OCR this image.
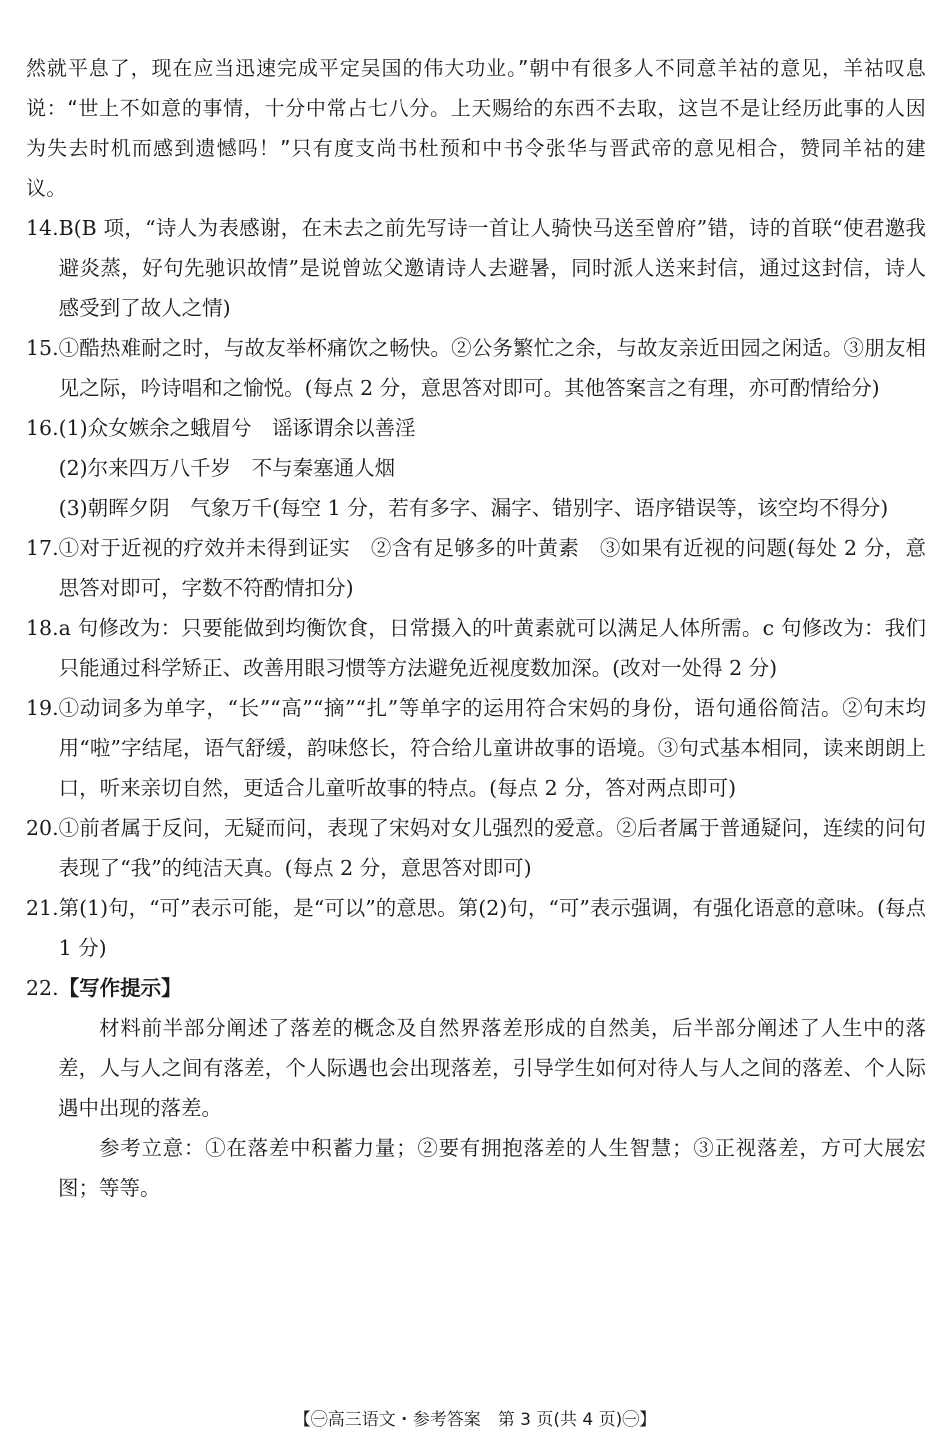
然就平息了，现在应当迅速完成平定吴国的伟大功业。”朝中有很多人不同意羊祜的意见，羊祜叹息说：“世上不如意的事情，十分中常占七八分。上天赐给的东西不去取，这岂不是让经历此事的人因为失去时机而感到遗憾吗！”只有度支尚书杜预和中书令张华与晋武帝的意见相合，赞同羊祜的建议。

14. B(B 项，“诗人为表感谢，在未去之前先写诗一首让人骑快马送至曾府”错，诗的首联“使君邀我避炎蒸，好句先驰识故情”是说曾竑父邀请诗人去避暑，同时派人送来封信，通过这封信，诗人感受到了故人之情)
15. ①酷热难耐之时，与故友举杯痛饮之畅快。②公务繁忙之余，与故友亲近田园之闲适。③朋友相见之际，吟诗唱和之愉悦。(每点 2 分，意思答对即可。其他答案言之有理，亦可酌情给分)
16. (1)众女嫉余之蛾眉兮　谣诼谓余以善淫
(2)尔来四万八千岁　不与秦塞通人烟
(3)朝晖夕阴　气象万千(每空 1 分，若有多字、漏字、错别字、语序错误等，该空均不得分)
17. ①对于近视的疗效并未得到证实　②含有足够多的叶黄素　③如果有近视的问题(每处 2 分，意思答对即可，字数不符酌情扣分)
18. a 句修改为：只要能做到均衡饮食，日常摄入的叶黄素就可以满足人体所需。c 句修改为：我们只能通过科学矫正、改善用眼习惯等方法避免近视度数加深。(改对一处得 2 分)
19. ①动词多为单字，“长”“高”“摘”“扎”等单字的运用符合宋妈的身份，语句通俗简洁。②句末均用“啦”字结尾，语气舒缓，韵味悠长，符合给儿童讲故事的语境。③句式基本相同，读来朗朗上口，听来亲切自然，更适合儿童听故事的特点。(每点 2 分，答对两点即可)
20. ①前者属于反问，无疑而问，表现了宋妈对女儿强烈的爱意。②后者属于普通疑问，连续的问句表现了“我”的纯洁天真。(每点 2 分，意思答对即可)
21. 第(1)句，“可”表示可能，是“可以”的意思。第(2)句，“可”表示强调，有强化语意的意味。(每点 1 分)
22. 【写作提示】

材料前半部分阐述了落差的概念及自然界落差形成的自然美，后半部分阐述了人生中的落差，人与人之间有落差，个人际遇也会出现落差，引导学生如何对待人与人之间的落差、个人际遇中出现的落差。

参考立意：①在落差中积蓄力量；②要有拥抱落差的人生智慧；③正视落差，方可大展宏图；等等。

【㊀高三语文・参考答案　第 3 页(共 4 页)㊀】
